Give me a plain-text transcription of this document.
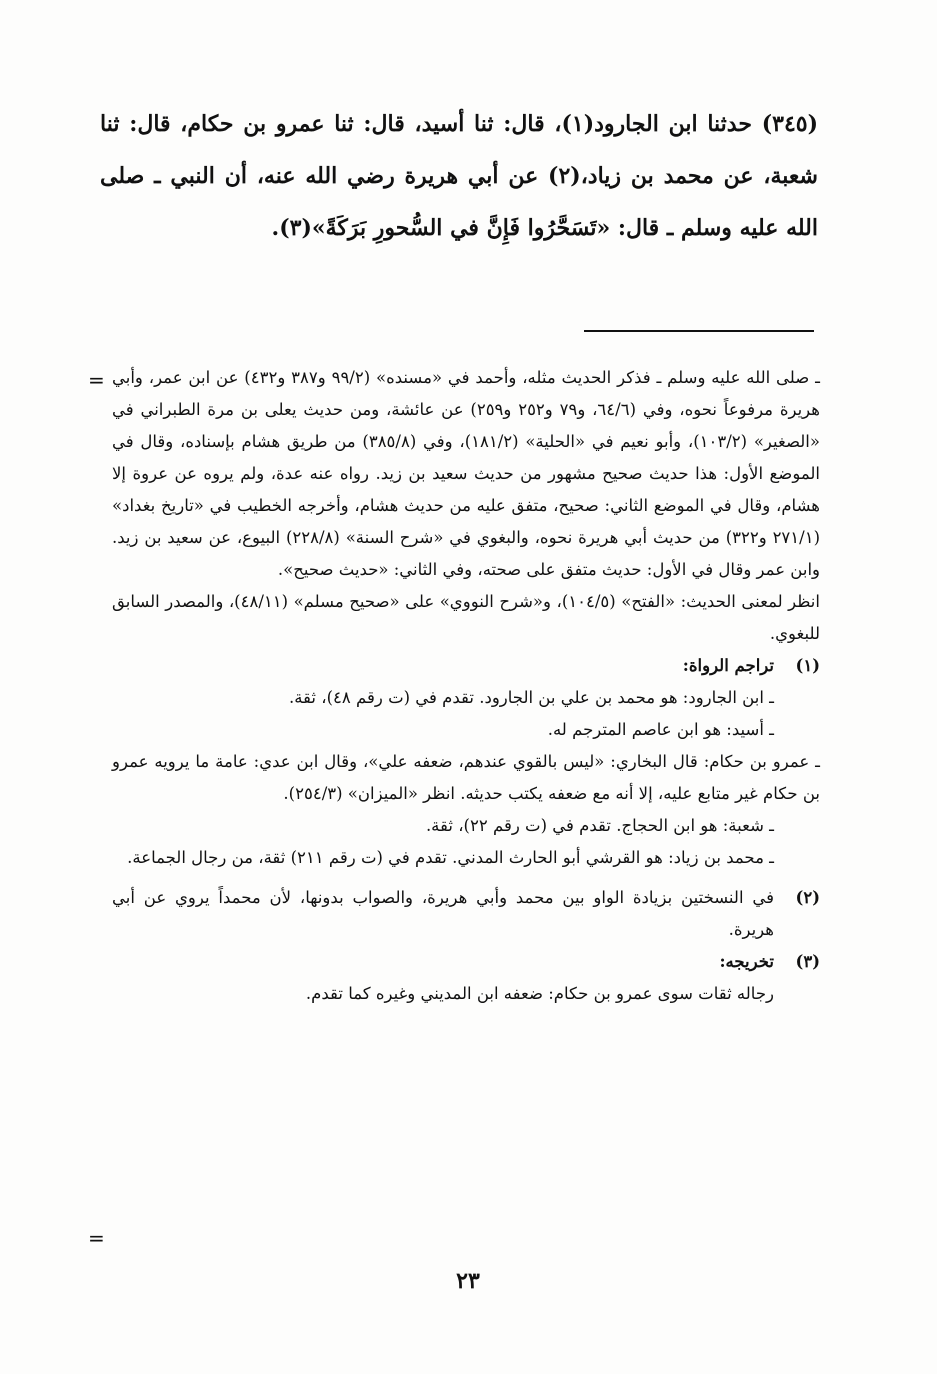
(٣٤٥) حدثنا ابن الجارود(١)، قال: ثنا أسيد، قال: ثنا عمرو بن حكام، قال: ثنا شعبة، عن محمد بن زياد،(٢) عن أبي هريرة رضي الله عنه، أن النبي ـ صلى الله عليه وسلم ـ قال: «تَسَحَّرُوا فَإِنَّ في السُّحورِ بَرَكَةً»(٣).

= ـ صلى الله عليه وسلم ـ فذكر الحديث مثله، وأحمد في «مسنده» (٩٩/٢ و٣٨٧ و٤٣٢) عن ابن عمر، وأبي هريرة مرفوعاً نحوه، وفي (٦٤/٦، و٧٩ و٢٥٢ و٢٥٩) عن عائشة، ومن حديث يعلى بن مرة الطبراني في «الصغير» (١٠٣/٢)، وأبو نعيم في «الحلية» (١٨١/٢)، وفي (٣٨٥/٨) من طريق هشام بإسناده، وقال في الموضع الأول: هذا حديث صحيح مشهور من حديث سعيد بن زيد. رواه عنه عدة، ولم يروه عن عروة إلا هشام، وقال في الموضع الثاني: صحيح، متفق عليه من حديث هشام، وأخرجه الخطيب في «تاريخ بغداد» (٢٧١/١ و٣٢٢) من حديث أبي هريرة نحوه، والبغوي في «شرح السنة» (٢٢٨/٨) البيوع، عن سعيد بن زيد. وابن عمر وقال في الأول: حديث متفق على صحته، وفي الثاني: «حديث صحيح».

انظر لمعنى الحديث: «الفتح» (١٠٤/٥)، و«شرح النووي» على «صحيح مسلم» (٤٨/١١)، والمصدر السابق للبغوي.

(١)

تراجم الرواة:

ـ ابن الجارود: هو محمد بن علي بن الجارود. تقدم في (ت رقم ٤٨)، ثقة.

ـ أسيد: هو ابن عاصم المترجم له.

ـ عمرو بن حكام: قال البخاري: «ليس بالقوي عندهم، ضعفه علي»، وقال ابن عدي: عامة ما يرويه عمرو بن حكام غير متابع عليه، إلا أنه مع ضعفه يكتب حديثه. انظر «الميزان» (٢٥٤/٣).

ـ شعبة: هو ابن الحجاج. تقدم في (ت رقم ٢٢)، ثقة.

ـ محمد بن زياد: هو القرشي أبو الحارث المدني. تقدم في (ت رقم ٢١١) ثقة، من رجال الجماعة.

(٢)

في النسختين بزيادة الواو بين محمد وأبي هريرة، والصواب بدونها، لأن محمداً يروي عن أبي هريرة.

(٣)

تخريجه:

رجاله ثقات سوى عمرو بن حكام: ضعفه ابن المديني وغيره كما تقدم.

=
٢٣
